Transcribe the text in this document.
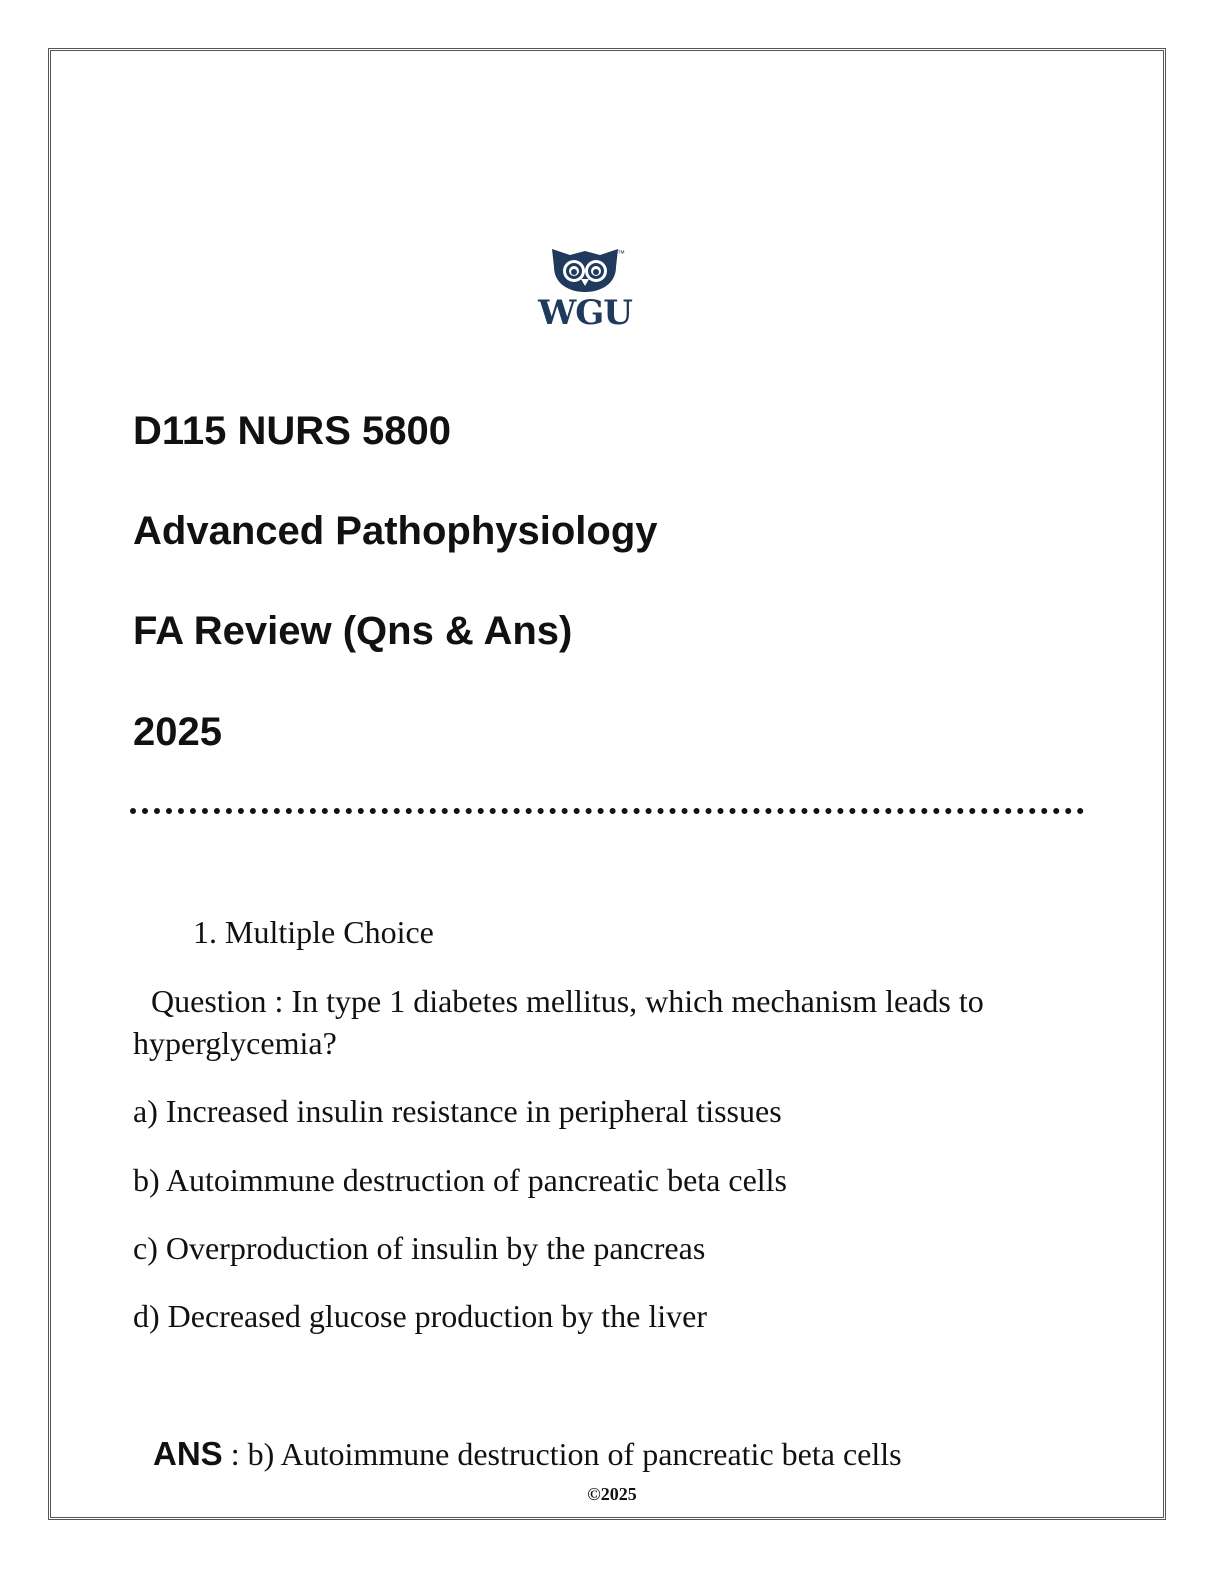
™
WGU
D115 NURS 5800
Advanced Pathophysiology
FA Review (Qns & Ans)
2025

1. Multiple Choice

Question : In type 1 diabetes mellitus, which mechanism leads to hyperglycemia?

a) Increased insulin resistance in peripheral tissues

b) Autoimmune destruction of pancreatic beta cells

c) Overproduction of insulin by the pancreas

d) Decreased glucose production by the liver

ANS : b) Autoimmune destruction of pancreatic beta cells
©2025
